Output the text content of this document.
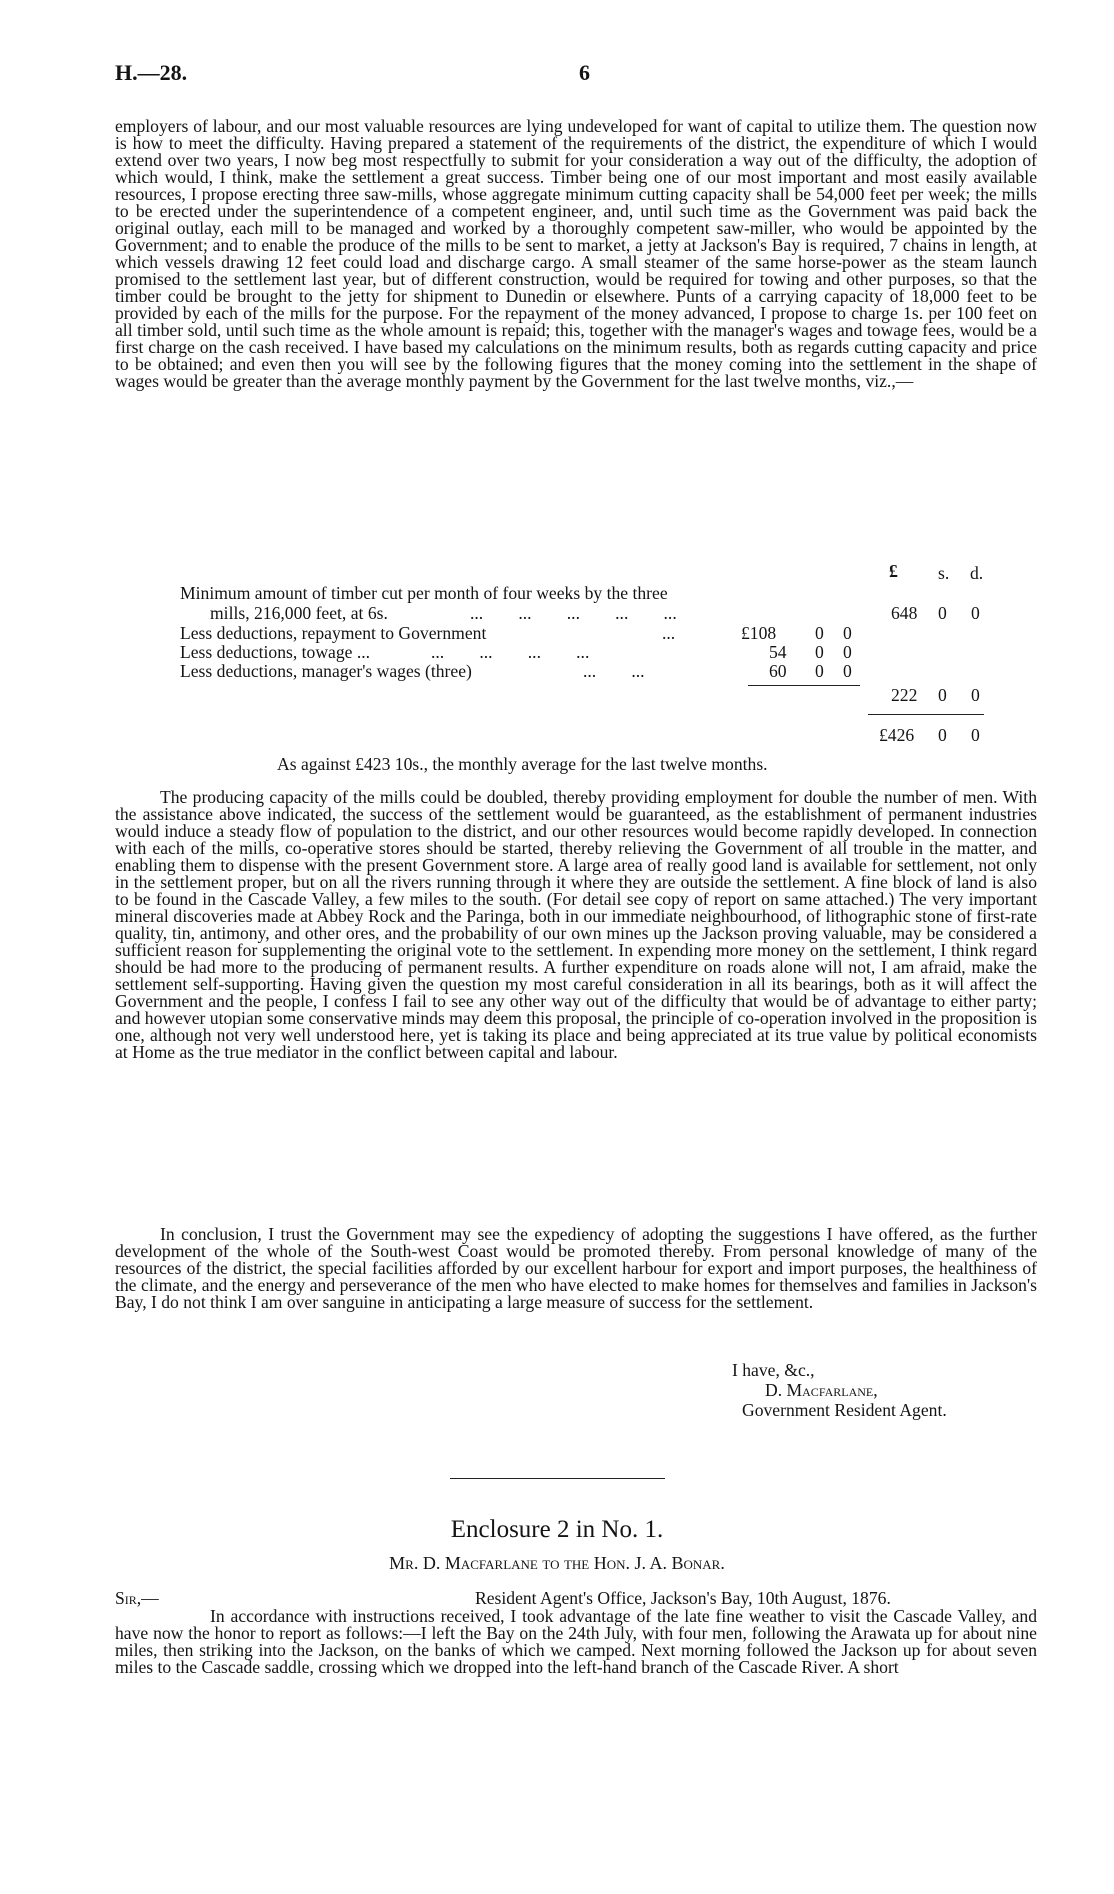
H.—28.	6

employers of labour, and our most valuable resources are lying undeveloped for want of capital to utilize them. The question now is how to meet the difficulty. Having prepared a statement of the requirements of the district, the expenditure of which I would extend over two years, I now beg most respectfully to submit for your consideration a way out of the difficulty, the adoption of which would, I think, make the settlement a great success. Timber being one of our most important and most easily available resources, I propose erecting three saw-mills, whose aggregate minimum cutting capacity shall be 54,000 feet per week; the mills to be erected under the superintendence of a competent engineer, and, until such time as the Government was paid back the original outlay, each mill to be managed and worked by a thoroughly competent saw-miller, who would be appointed by the Government; and to enable the produce of the mills to be sent to market, a jetty at Jackson's Bay is required, 7 chains in length, at which vessels drawing 12 feet could load and discharge cargo. A small steamer of the same horse-power as the steam launch promised to the settlement last year, but of different construction, would be required for towing and other purposes, so that the timber could be brought to the jetty for shipment to Dunedin or elsewhere. Punts of a carrying capacity of 18,000 feet to be provided by each of the mills for the purpose. For the repayment of the money advanced, I propose to charge 1s. per 100 feet on all timber sold, until such time as the whole amount is repaid; this, together with the manager's wages and towage fees, would be a first charge on the cash received. I have based my calculations on the minimum results, both as regards cutting capacity and price to be obtained; and even then you will see by the following figures that the money coming into the settlement in the shape of wages would be greater than the average monthly payment by the Government for the last twelve months, viz.,—

£ s. d.
Minimum amount of timber cut per month of four weeks by the three
mills, 216,000 feet, at 6s.	...        ...        ...        ...        ...	648 0 0
Less deductions, repayment to Government	...	£108 0 0
Less deductions, towage ...	...        ...        ...        ...	54 0 0
Less deductions, manager's wages (three)	...        ...	60 0 0
222 0 0
£426 0 0
As against £423 10s., the monthly average for the last twelve months.

The producing capacity of the mills could be doubled, thereby providing employment for double the number of men. With the assistance above indicated, the success of the settlement would be guaranteed, as the establishment of permanent industries would induce a steady flow of population to the district, and our other resources would become rapidly developed. In connection with each of the mills, co-operative stores should be started, thereby relieving the Government of all trouble in the matter, and enabling them to dispense with the present Government store. A large area of really good land is available for settlement, not only in the settlement proper, but on all the rivers running through it where they are outside the settlement. A fine block of land is also to be found in the Cascade Valley, a few miles to the south. (For detail see copy of report on same attached.) The very important mineral discoveries made at Abbey Rock and the Paringa, both in our immediate neighbourhood, of lithographic stone of first-rate quality, tin, antimony, and other ores, and the probability of our own mines up the Jackson proving valuable, may be considered a sufficient reason for supplementing the original vote to the settlement. In expending more money on the settlement, I think regard should be had more to the producing of permanent results. A further expenditure on roads alone will not, I am afraid, make the settlement self-supporting. Having given the question my most careful consideration in all its bearings, both as it will affect the Government and the people, I confess I fail to see any other way out of the difficulty that would be of advantage to either party; and however utopian some conservative minds may deem this proposal, the principle of co-operation involved in the proposition is one, although not very well understood here, yet is taking its place and being appreciated at its true value by political economists at Home as the true mediator in the conflict between capital and labour.

In conclusion, I trust the Government may see the expediency of adopting the suggestions I have offered, as the further development of the whole of the South-west Coast would be promoted thereby. From personal knowledge of many of the resources of the district, the special facilities afforded by our excellent harbour for export and import purposes, the healthiness of the climate, and the energy and perseverance of the men who have elected to make homes for themselves and families in Jackson's Bay, I do not think I am over sanguine in anticipating a large measure of success for the settlement.

I have, &c.,
D. Macfarlane,
Government Resident Agent.
Enclosure 2 in No. 1.
Mr. D. Macfarlane to the Hon. J. A. Bonar.
Sir,—	Resident Agent's Office, Jackson's Bay, 10th August, 1876.

In accordance with instructions received, I took advantage of the late fine weather to visit the Cascade Valley, and have now the honor to report as follows:—I left the Bay on the 24th July, with four men, following the Arawata up for about nine miles, then striking into the Jackson, on the banks of which we camped. Next morning followed the Jackson up for about seven miles to the Cascade saddle, crossing which we dropped into the left-hand branch of the Cascade River. A short
